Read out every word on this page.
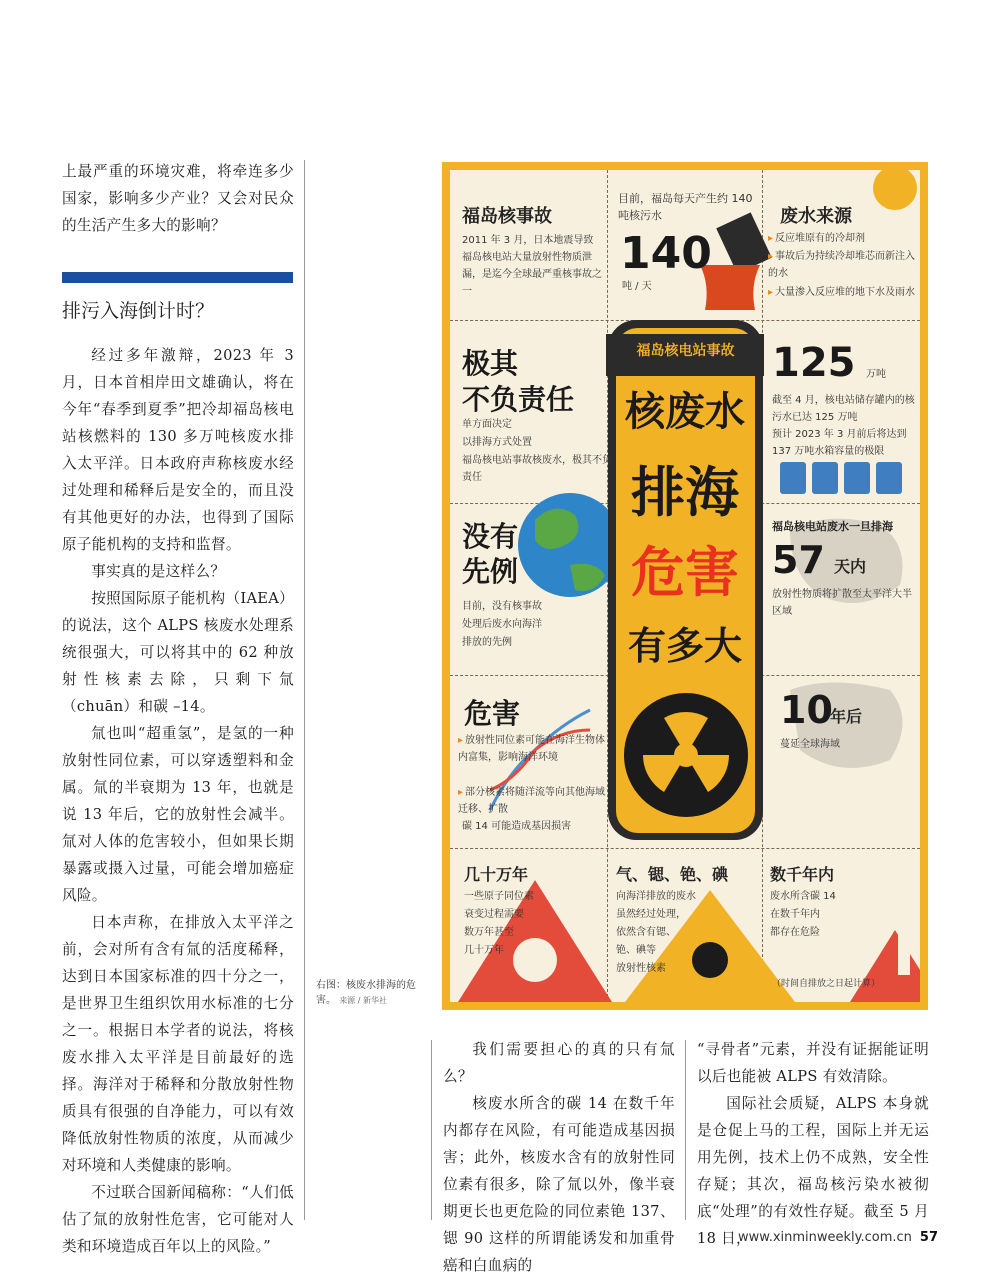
上最严重的环境灾难，将牵连多少国家，影响多少产业？又会对民众的生活产生多大的影响？

排污入海倒计时？

经过多年激辩，2023 年 3 月，日本首相岸田文雄确认，将在今年“春季到夏季”把冷却福岛核电站核燃料的 130 多万吨核废水排入太平洋。日本政府声称核废水经过处理和稀释后是安全的，而且没有其他更好的办法，也得到了国际原子能机构的支持和监督。

事实真的是这样么？

按照国际原子能机构（IAEA）的说法，这个 ALPS 核废水处理系统很强大，可以将其中的 62 种放射性核素去除，只剩下氚（chuān）和碳 –14。

氚也叫“超重氢”，是氢的一种放射性同位素，可以穿透塑料和金属。氚的半衰期为 13 年，也就是说 13 年后，它的放射性会减半。氚对人体的危害较小，但如果长期暴露或摄入过量，可能会增加癌症风险。

日本声称，在排放入太平洋之前，会对所有含有氚的活度稀释，达到日本国家标准的四十分之一，是世界卫生组织饮用水标准的七分之一。根据日本学者的说法，将核废水排入太平洋是目前最好的选择。海洋对于稀释和分散放射性物质具有很强的自净能力，可以有效降低放射性物质的浓度，从而减少对环境和人类健康的影响。

不过联合国新闻稿称：“人们低估了氚的放射性危害，它可能对人类和环境造成百年以上的风险。”

右图：核废水排海的危害。 来源 / 新华社
福岛核电站事故
核废水
排海
危害
有多大
福岛核事故
2011 年 3 月，日本地震导致福岛核电站大量放射性物质泄漏，是迄今全球最严重核事故之一
目前，福岛每天产生约 140 吨核污水
140
吨 / 天
废水来源
▸ 反应堆原有的冷却剂
▸ 事故后为持续冷却堆芯而新注入的水
▸ 大量渗入反应堆的地下水及雨水
极其
不负责任
单方面决定
以排海方式处置
福岛核电站事故核废水，极其不负责任
125 万吨
截至 4 月，核电站储存罐内的核污水已达 125 万吨
预计 2023 年 3 月前后将达到 137 万吨水箱容量的极限
没有
先例
目前，没有核事故
处理后废水向海洋
排放的先例
福岛核电站废水一旦排海
57 天内
放射性物质将扩散至太平洋大半区域
危害
▸ 放射性同位素可能在海洋生物体内富集，影响海洋环境
▸ 部分核素将随洋流等向其他海域迁移、扩散
碳 14 可能造成基因损害
10
年后
蔓延全球海域
几十万年
一些原子同位素
衰变过程需要
数万年甚至
几十万年
气、锶、铯、碘
向海洋排放的废水
虽然经过处理，
依然含有锶、
铯、碘等
放射性核素
数千年内
废水所含碳 14
在数千年内
都存在危险
（时间自排放之日起计算）

我们需要担心的真的只有氚么？

核废水所含的碳 14 在数千年内都存在风险，有可能造成基因损害；此外，核废水含有的放射性同位素有很多，除了氚以外，像半衰期更长也更危险的同位素铯 137、锶 90 这样的所谓能诱发和加重骨癌和白血病的

“寻骨者”元素，并没有证据能证明以后也能被 ALPS 有效清除。

国际社会质疑，ALPS 本身就是仓促上马的工程，国际上并无运用先例，技术上仍不成熟，安全性存疑；其次，福岛核污染水被彻底“处理”的有效性存疑。截至 5 月 18 日，

www.xinminweekly.com.cn 57
